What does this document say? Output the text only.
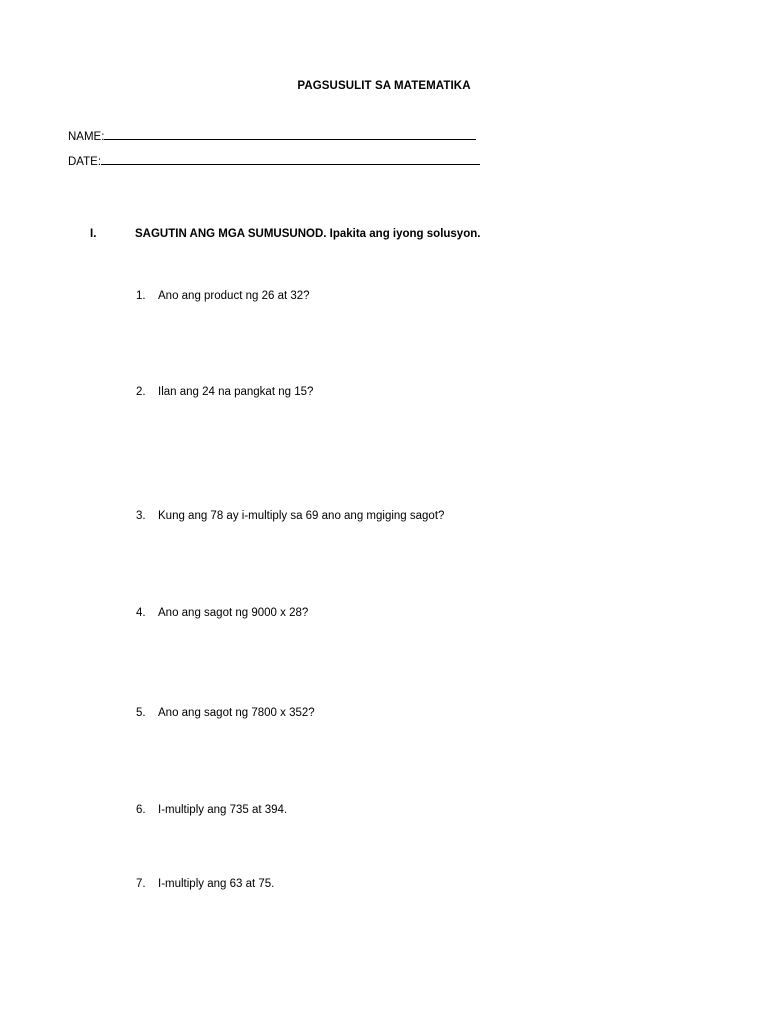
PAGSUSULIT SA MATEMATIKA
NAME:
DATE:
I.	SAGUTIN ANG MGA SUMUSUNOD. Ipakita ang iyong solusyon.
1. Ano ang product ng 26 at 32?
2. Ilan ang 24 na pangkat ng 15?
3. Kung ang 78 ay i-multiply sa 69 ano ang mgiging sagot?
4. Ano ang sagot ng 9000 x 28?
5. Ano ang sagot ng 7800 x 352?
6. I-multiply ang 735 at 394.
7. I-multiply ang 63 at 75.
